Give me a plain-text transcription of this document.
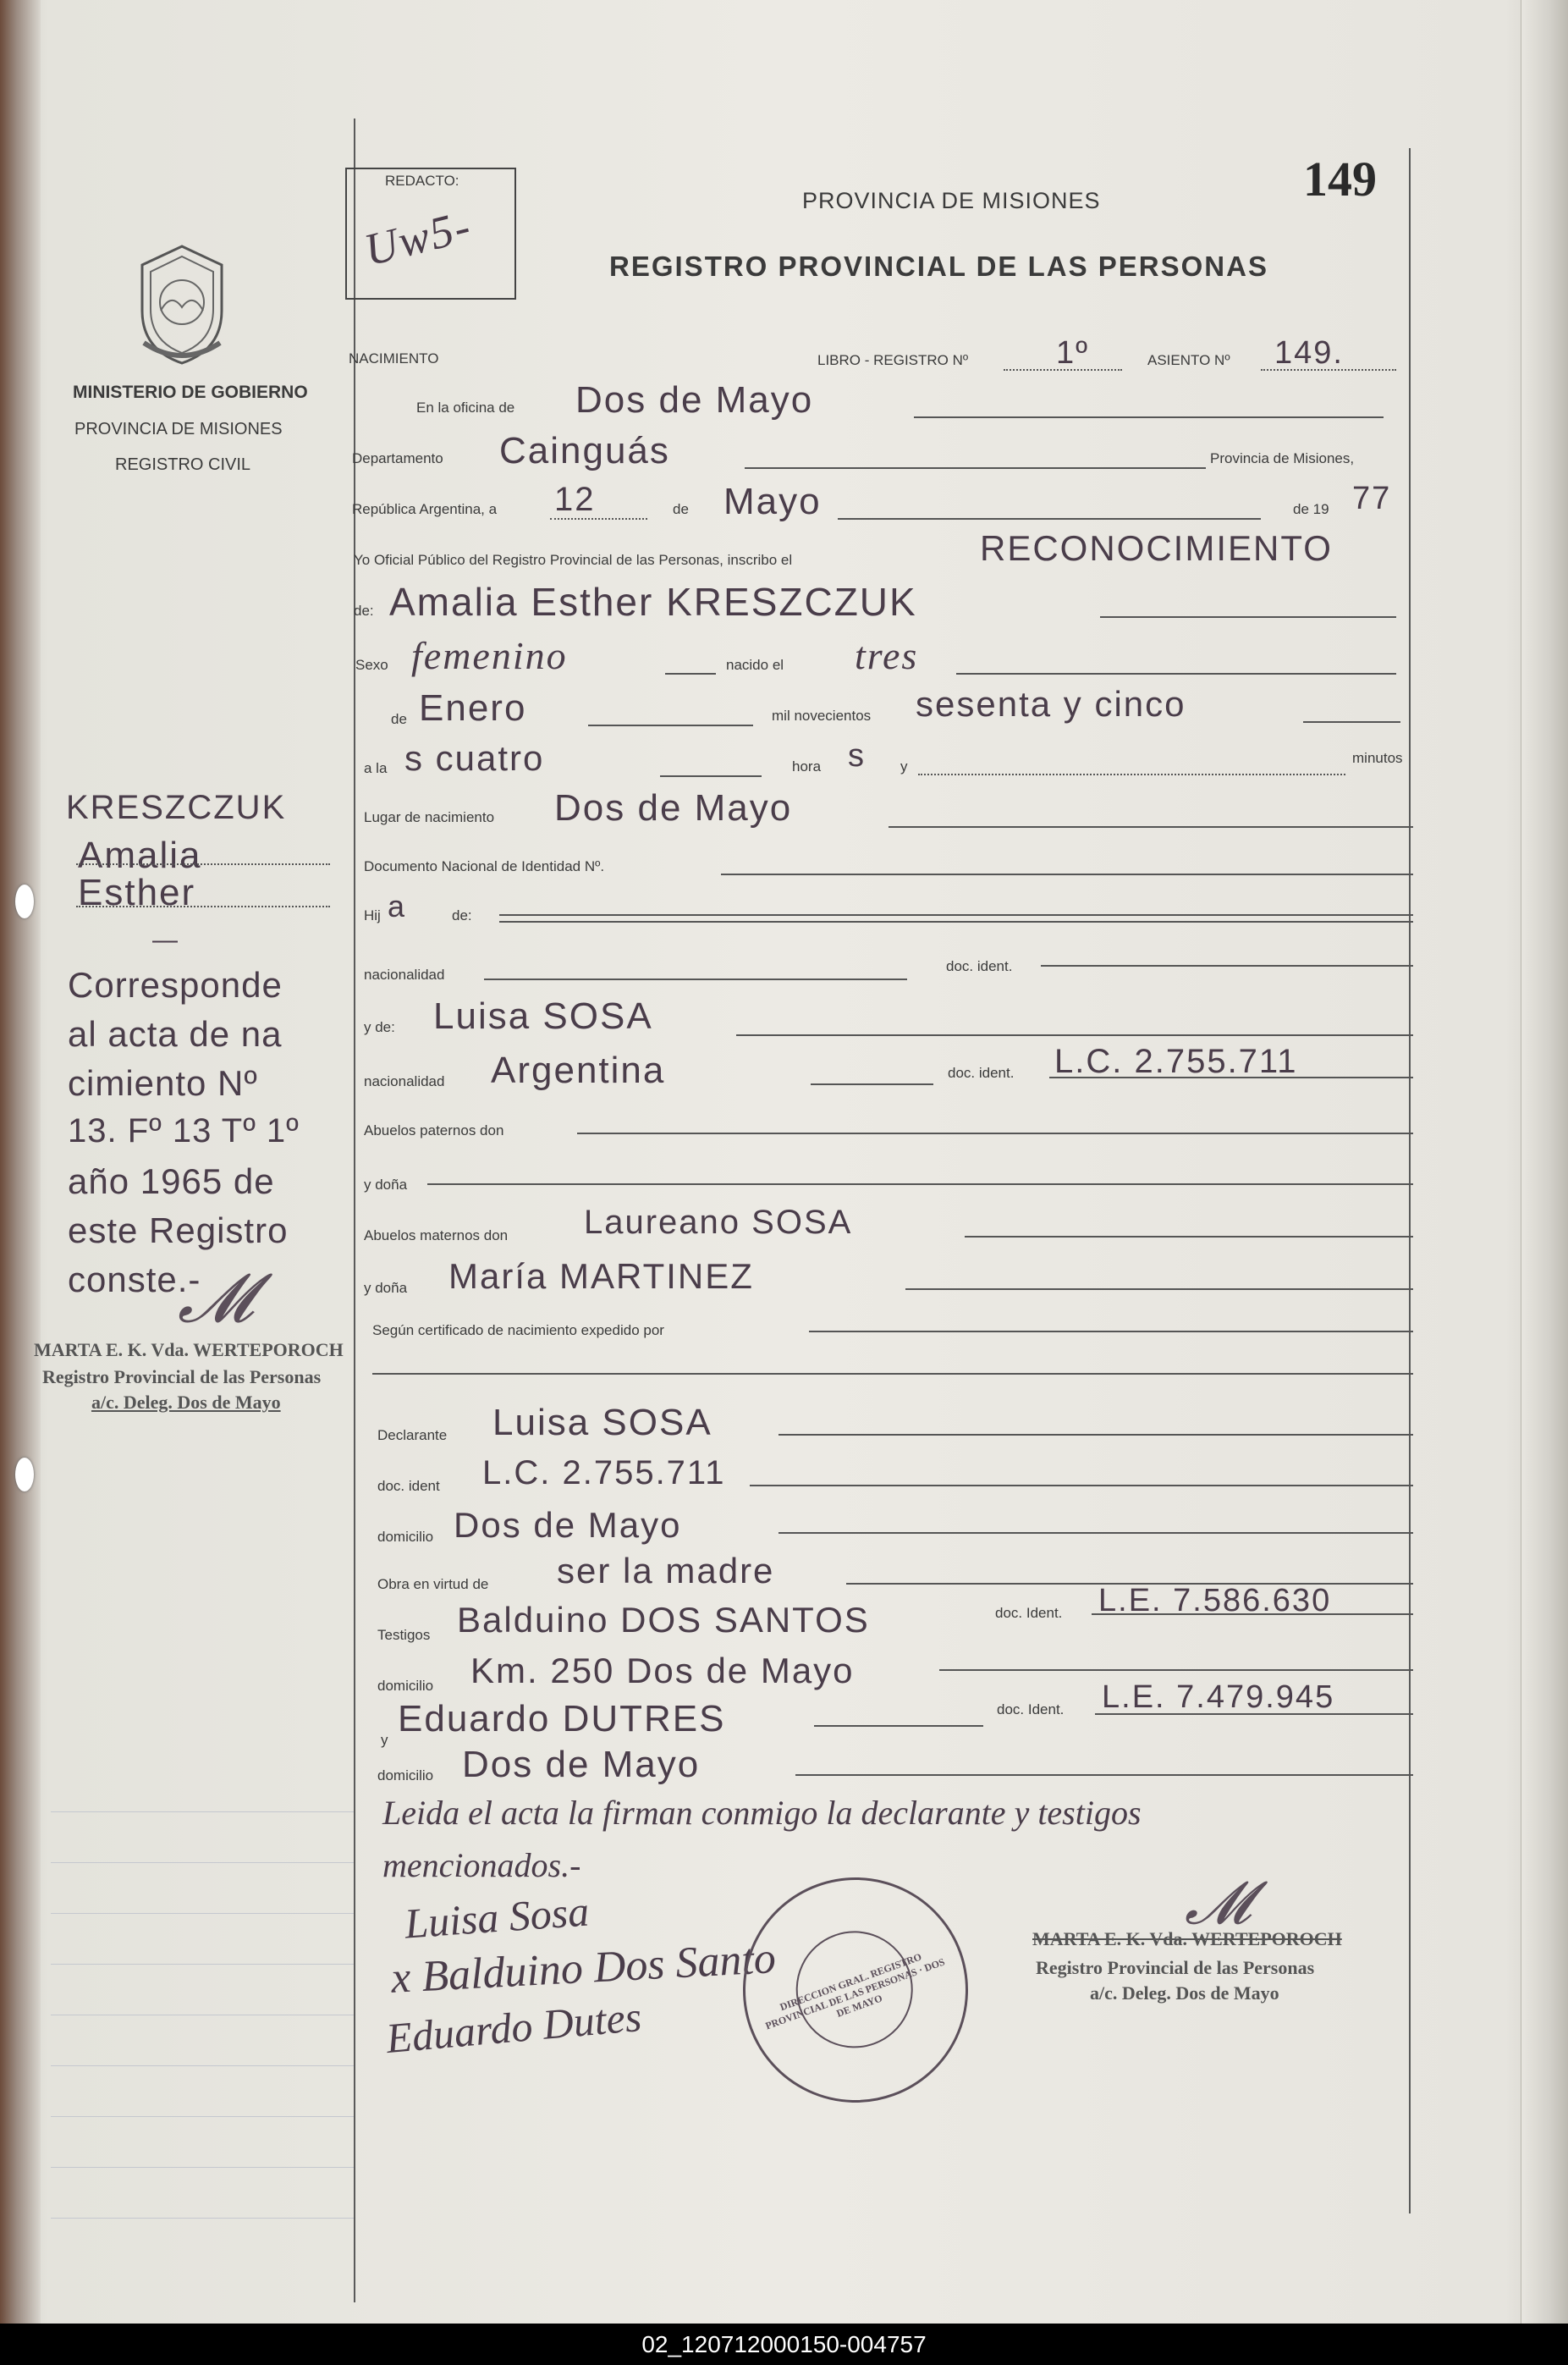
149
REDACTO:
Uw5-	PROVINCIA DE MISIONES
REGISTRO PROVINCIAL DE LAS PERSONAS
MINISTERIO DE GOBIERNO
PROVINCIA DE MISIONES
REGISTRO CIVIL
NACIMIENTO	LIBRO - REGISTRO Nº	1º	ASIENTO Nº 149.
En la oficina de Dos de Mayo
Departamento Cainguás	Provincia de Misiones,
República Argentina, a 12	de Mayo	de 19 77
Yo Oficial Público del Registro Provincial de las Personas, inscribo el	RECONOCIMIENTO
de: Amalia Esther KRESZCZUK
Sexo femenino	nacido el tres
de Enero	mil novecientos sesenta y cinco
a la s cuatro	hora s y
minutos
Lugar de nacimiento Dos de Mayo
Documento Nacional de Identidad Nº.
Hij a	de:
nacionalidad
doc. ident.
y de: Luisa SOSA
nacionalidad Argentina	doc. ident. L.C. 2.755.711
Abuelos paternos don
y doña
Abuelos maternos don Laureano SOSA
y doña María MARTINEZ
Según certificado de nacimiento expedido por
Declarante Luisa SOSA
doc. ident L.C. 2.755.711
domicilio Dos de Mayo
Obra en virtud de ser la madre
Testigos Balduino DOS SANTOS	doc. Ident. L.E. 7.586.630
domicilio Km. 250 Dos de Mayo
y
Eduardo DUTRES	doc. Ident. L.E. 7.479.945
domicilio Dos de Mayo
Leida el acta la firman conmigo la declarante y testigos
mencionados.-
Luisa Sosa
x Balduino Dos Santo
Eduardo Dutes
DIRECCION GRAL. REGISTRO PROVINCIAL DE LAS PERSONAS · DOS DE MAYO
MARTA E. K. Vda. WERTEPOROCH
Registro Provincial de las Personas
a/c. Deleg. Dos de Mayo
𝓜
KRESZCZUK
Amalia
Esther
—
Corresponde
al acta de na
cimiento Nº
13. Fº 13 Tº 1º
año 1965 de
este Registro
conste.-
𝓜
MARTA E. K. Vda. WERTEPOROCH
Registro Provincial de las Personas
a/c. Deleg. Dos de Mayo
02_120712000150-004757
